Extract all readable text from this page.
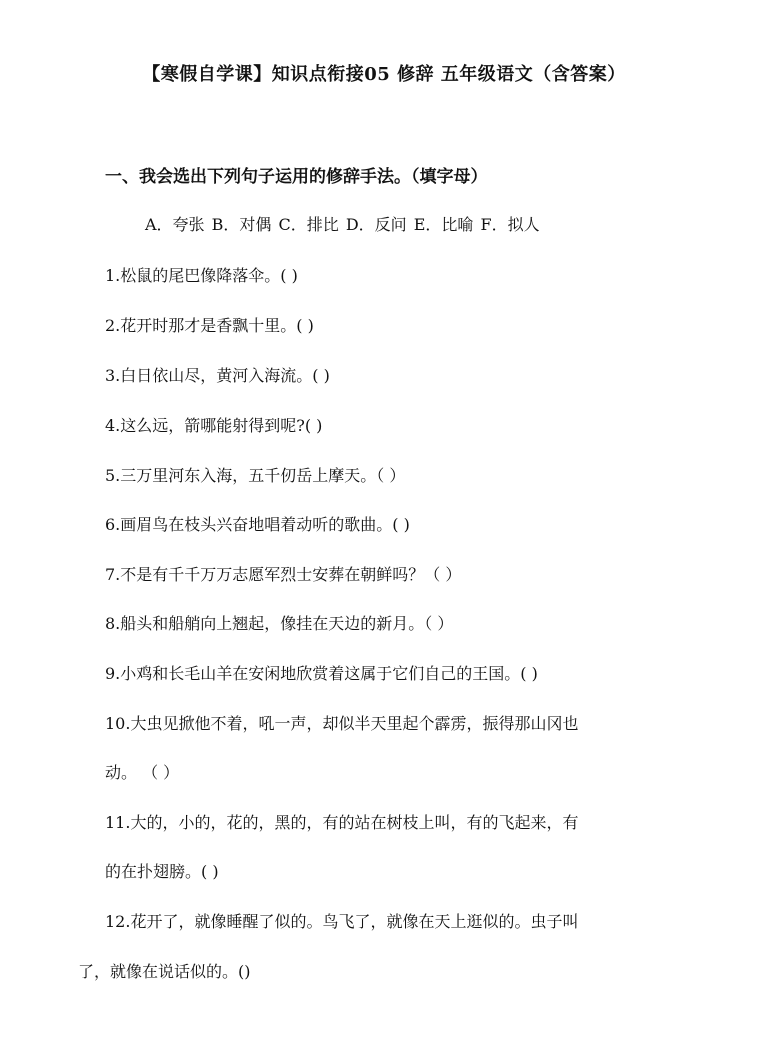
【寒假自学课】知识点衔接05 修辞 五年级语文（含答案）
一、我会选出下列句子运用的修辞手法。（填字母）
A．夸张 B．对偶 C．排比 D．反问 E．比喻 F．拟人
1.松鼠的尾巴像降落伞。( )
2.花开时那才是香飘十里。( )
3.白日依山尽，黄河入海流。( )
4.这么远，箭哪能射得到呢?( )
5.三万里河东入海，五千仞岳上摩天。（ ）
6.画眉鸟在枝头兴奋地唱着动听的歌曲。( )
7.不是有千千万万志愿军烈士安葬在朝鲜吗？（ ）
8.船头和船艄向上翘起，像挂在天边的新月。（ ）
9.小鸡和长毛山羊在安闲地欣赏着这属于它们自己的王国。( )
10.大虫见掀他不着，吼一声，却似半天里起个霹雳，振得那山冈也
动。 （ ）
11.大的，小的，花的，黑的，有的站在树枝上叫，有的飞起来，有
的在扑翅膀。( )
12.花开了，就像睡醒了似的。鸟飞了，就像在天上逛似的。虫子叫
了，就像在说话似的。()
